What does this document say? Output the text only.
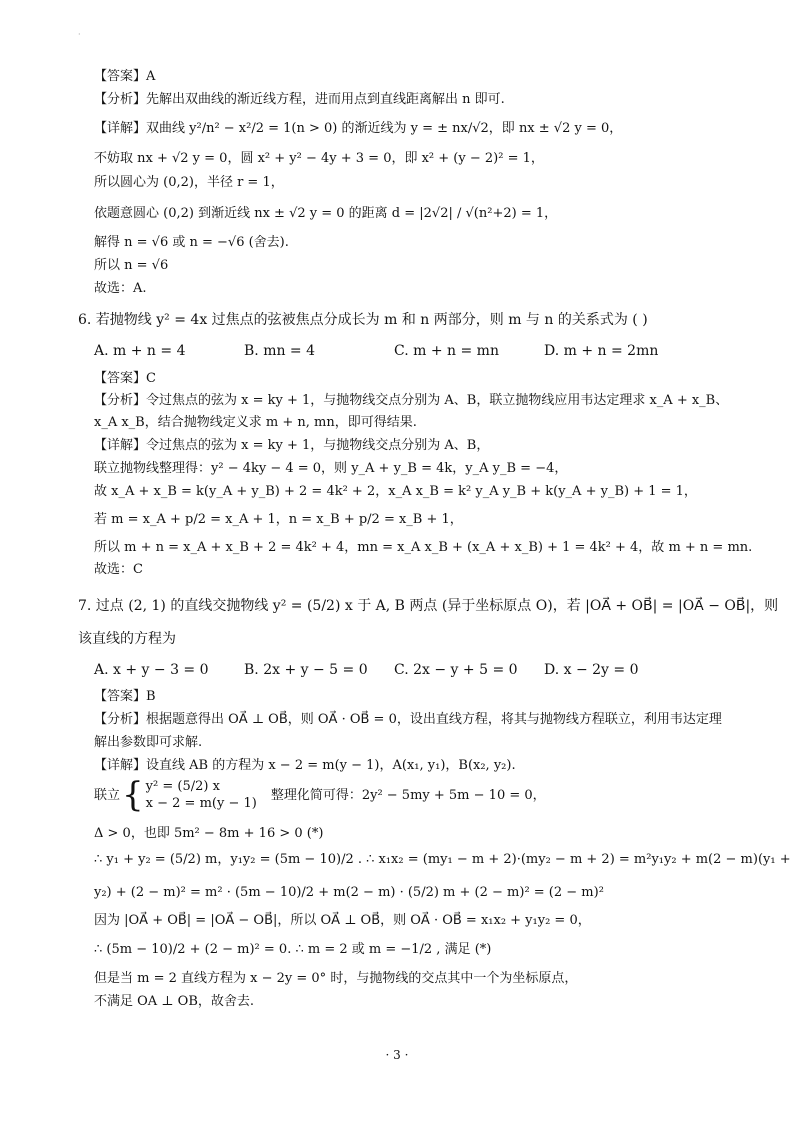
·
【答案】A
【分析】先解出双曲线的渐近线方程，进而用点到直线距离解出 n 即可.
【详解】双曲线 y²/n² − x²/2 = 1(n > 0) 的渐近线为 y = ± nx/√2，即 nx ± √2 y = 0，
不妨取 nx + √2 y = 0，圆 x² + y² − 4y + 3 = 0，即 x² + (y − 2)² = 1，
所以圆心为 (0,2)，半径 r = 1，
依题意圆心 (0,2) 到渐近线 nx ± √2 y = 0 的距离 d = |2√2| / √(n²+2) = 1，
解得 n = √6 或 n = −√6 (舍去).
所以 n = √6
故选：A.
6. 若抛物线 y² = 4x 过焦点的弦被焦点分成长为 m 和 n 两部分，则 m 与 n 的关系式为 ( )
A. m + n = 4	B. mn = 4	C. m + n = mn	D. m + n = 2mn
【答案】C
【分析】令过焦点的弦为 x = ky + 1，与抛物线交点分别为 A、B，联立抛物线应用韦达定理求 x_A + x_B、
x_A x_B，结合抛物线定义求 m + n, mn，即可得结果.
【详解】令过焦点的弦为 x = ky + 1，与抛物线交点分别为 A、B，
联立抛物线整理得：y² − 4ky − 4 = 0，则 y_A + y_B = 4k，y_A y_B = −4，
故 x_A + x_B = k(y_A + y_B) + 2 = 4k² + 2，x_A x_B = k² y_A y_B + k(y_A + y_B) + 1 = 1，
若 m = x_A + p/2 = x_A + 1，n = x_B + p/2 = x_B + 1，
所以 m + n = x_A + x_B + 2 = 4k² + 4，mn = x_A x_B + (x_A + x_B) + 1 = 4k² + 4，故 m + n = mn.
故选：C
7. 过点 (2, 1) 的直线交抛物线 y² = (5/2) x 于 A, B 两点 (异于坐标原点 O)，若 |OA⃗ + OB⃗| = |OA⃗ − OB⃗|，则
该直线的方程为
A. x + y − 3 = 0	B. 2x + y − 5 = 0	C. 2x − y + 5 = 0	D. x − 2y = 0
【答案】B
【分析】根据题意得出 OA⃗ ⊥ OB⃗，则 OA⃗ · OB⃗ = 0，设出直线方程，将其与抛物线方程联立，利用韦达定理
解出参数即可求解.
【详解】设直线 AB 的方程为 x − 2 = m(y − 1)，A(x₁, y₁)，B(x₂, y₂).
联立 { y² = (5/2) x
x − 2 = m(y − 1)
整理化简可得：2y² − 5my + 5m − 10 = 0，
Δ > 0，也即 5m² − 8m + 16 > 0 (*)
∴ y₁ + y₂ = (5/2) m，y₁y₂ = (5m − 10)/2 . ∴ x₁x₂ = (my₁ − m + 2)·(my₂ − m + 2) = m²y₁y₂ + m(2 − m)(y₁ +
y₂) + (2 − m)² = m² · (5m − 10)/2 + m(2 − m) · (5/2) m + (2 − m)² = (2 − m)²
因为 |OA⃗ + OB⃗| = |OA⃗ − OB⃗|，所以 OA⃗ ⊥ OB⃗，则 OA⃗ · OB⃗ = x₁x₂ + y₁y₂ = 0，
∴ (5m − 10)/2 + (2 − m)² = 0. ∴ m = 2 或 m = −1/2 , 满足 (*)
但是当 m = 2 直线方程为 x − 2y = 0° 时，与抛物线的交点其中一个为坐标原点，
不满足 OA ⊥ OB，故舍去.
· 3 ·
